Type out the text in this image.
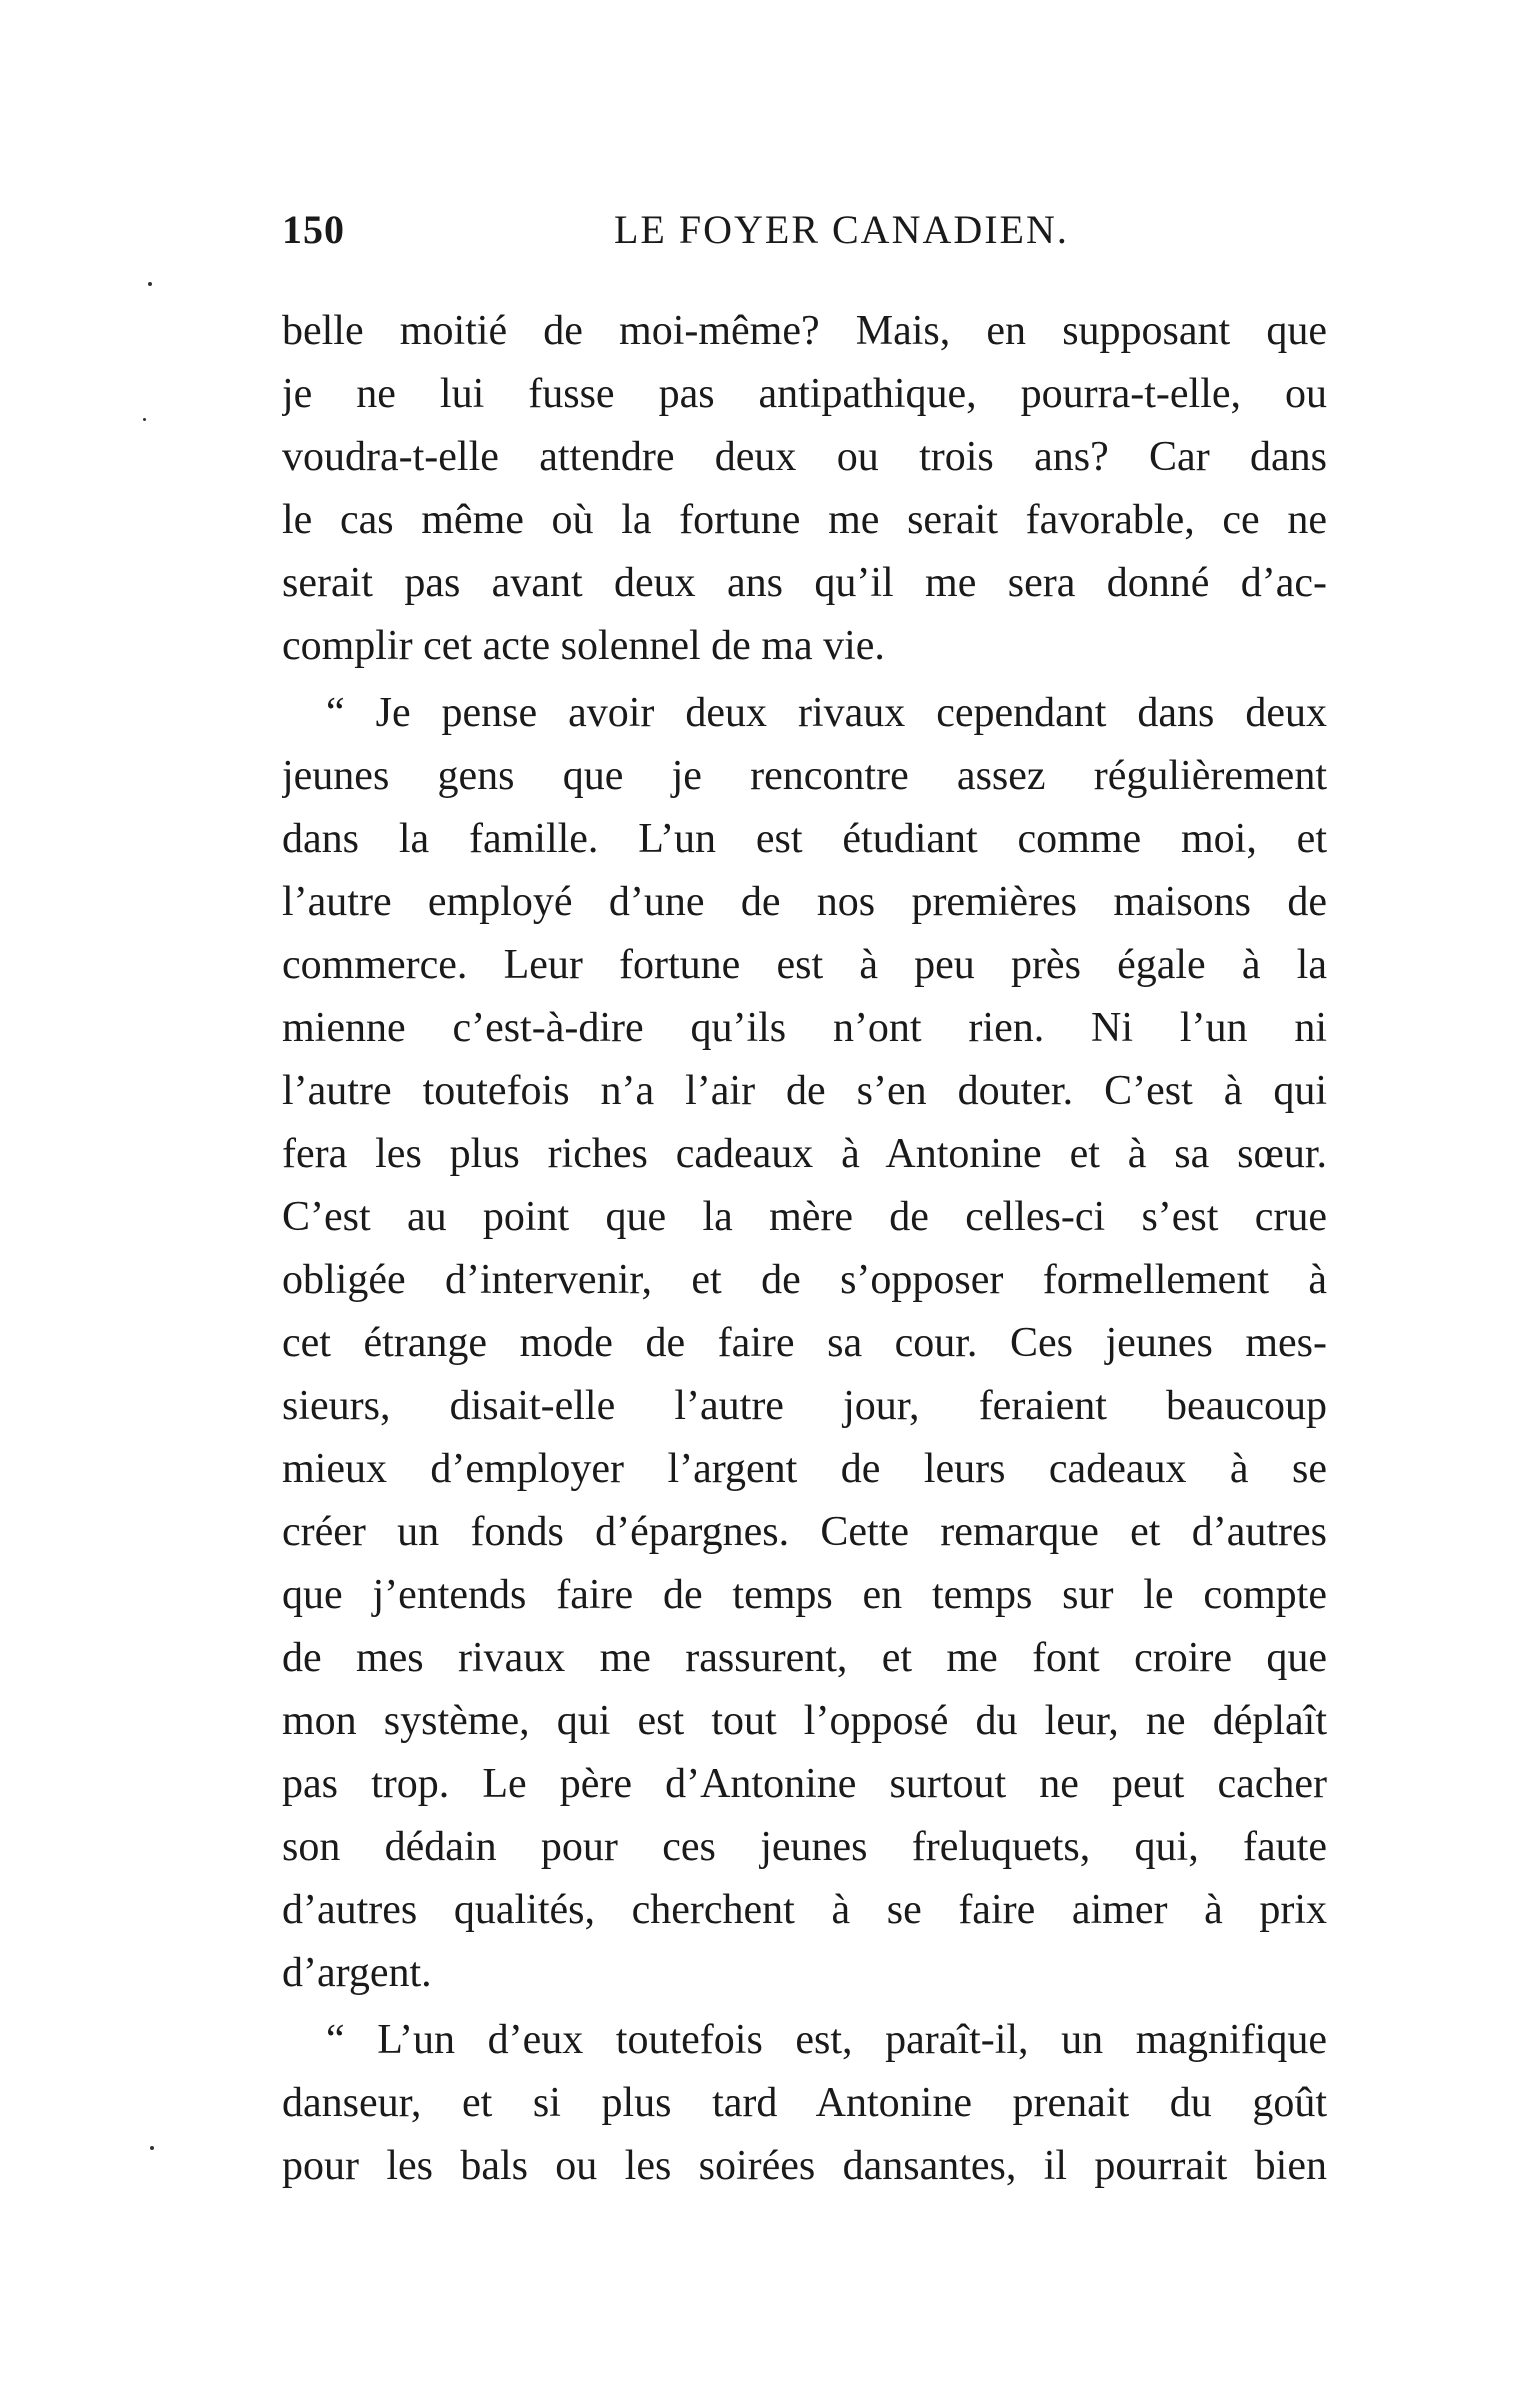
150	LE FOYER CANADIEN.
belle moitié de moi-même? Mais, en supposant que
je ne lui fusse pas antipathique, pourra-t-elle, ou
voudra-t-elle attendre deux ou trois ans? Car dans
le cas même où la fortune me serait favorable, ce ne
serait pas avant deux ans qu’il me sera donné d’ac-
complir cet acte solennel de ma vie.
“ Je pense avoir deux rivaux cependant dans deux
jeunes gens que je rencontre assez régulièrement
dans la famille. L’un est étudiant comme moi, et
l’autre employé d’une de nos premières maisons de
commerce. Leur fortune est à peu près égale à la
mienne c’est-à-dire qu’ils n’ont rien. Ni l’un ni
l’autre toutefois n’a l’air de s’en douter. C’est à qui
fera les plus riches cadeaux à Antonine et à sa sœur.
C’est au point que la mère de celles-ci s’est crue
obligée d’intervenir, et de s’opposer formellement à
cet étrange mode de faire sa cour. Ces jeunes mes-
sieurs, disait-elle l’autre jour, feraient beaucoup
mieux d’employer l’argent de leurs cadeaux à se
créer un fonds d’épargnes. Cette remarque et d’autres
que j’entends faire de temps en temps sur le compte
de mes rivaux me rassurent, et me font croire que
mon système, qui est tout l’opposé du leur, ne déplaît
pas trop. Le père d’Antonine surtout ne peut cacher
son dédain pour ces jeunes freluquets, qui, faute
d’autres qualités, cherchent à se faire aimer à prix
d’argent.
“ L’un d’eux toutefois est, paraît-il, un magnifique
danseur, et si plus tard Antonine prenait du goût
pour les bals ou les soirées dansantes, il pourrait bien
